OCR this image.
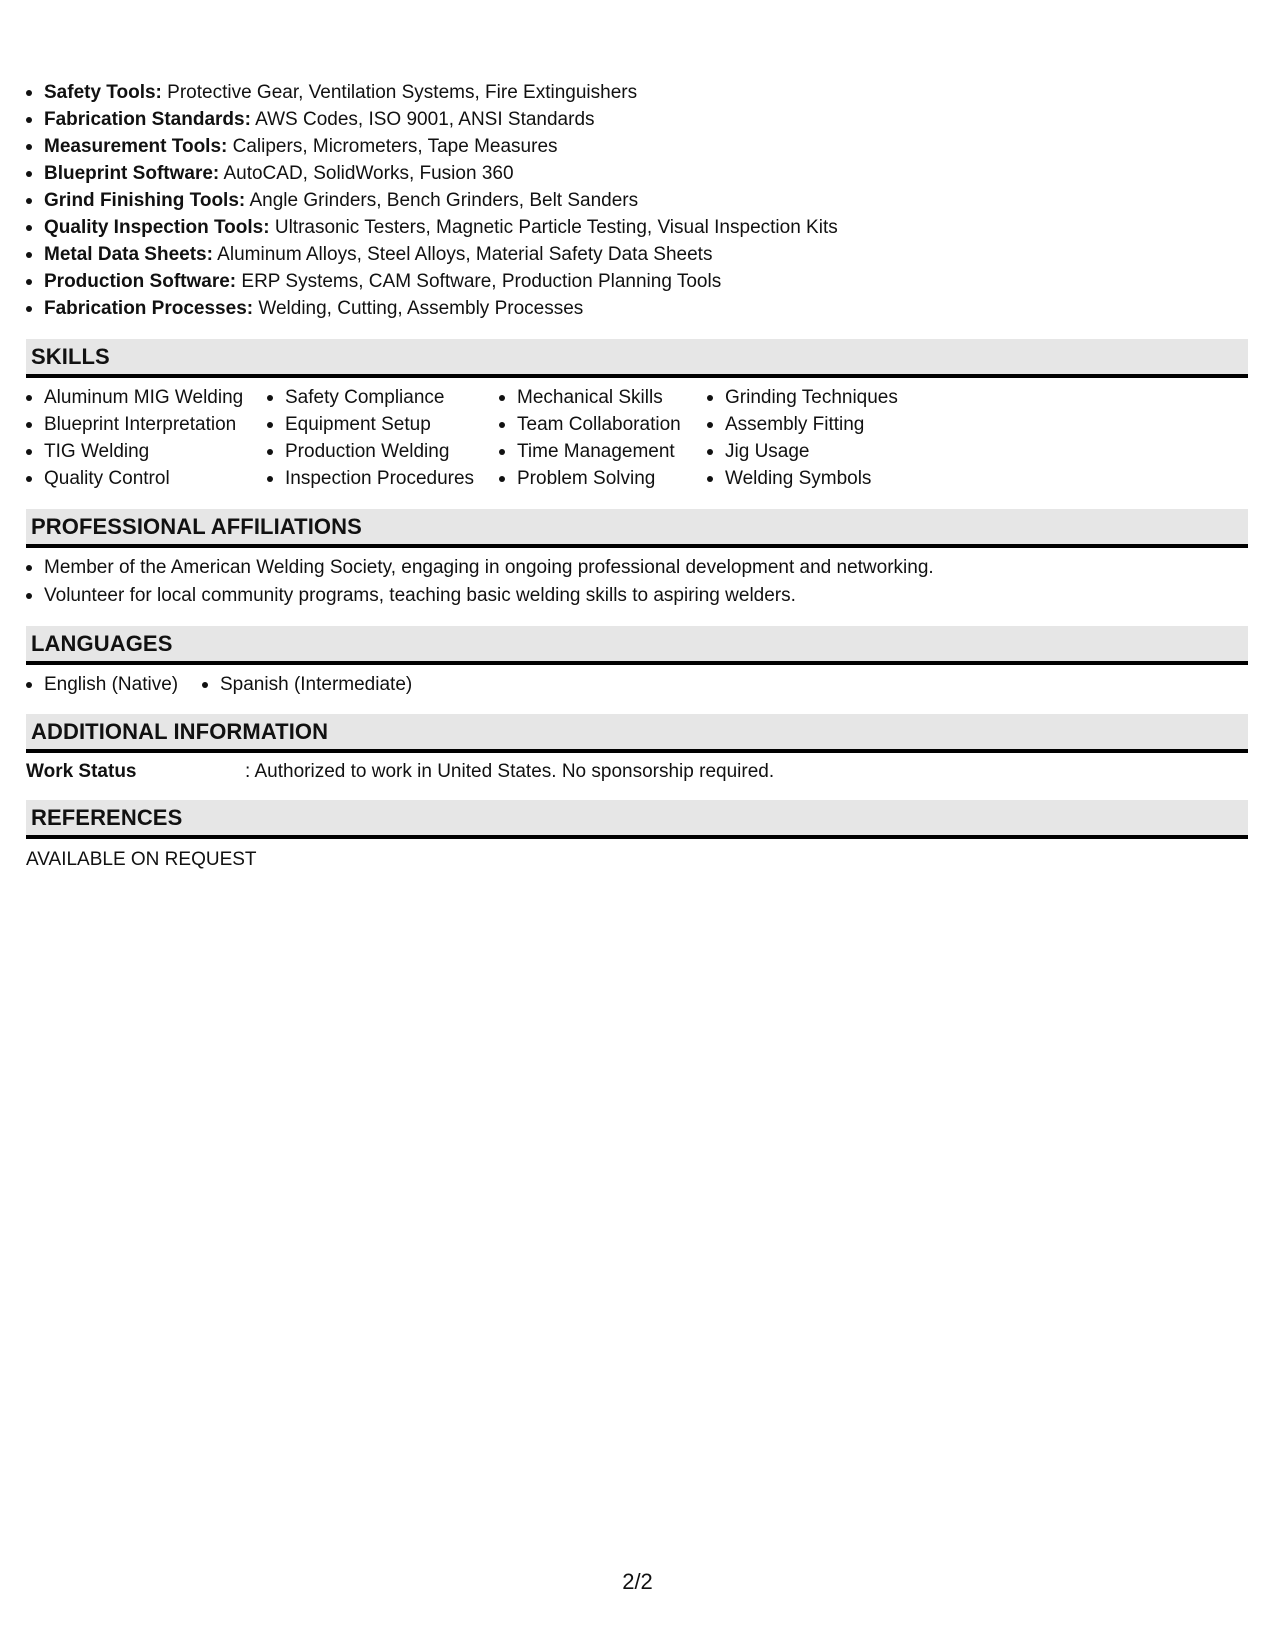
Safety Tools: Protective Gear, Ventilation Systems, Fire Extinguishers
Fabrication Standards: AWS Codes, ISO 9001, ANSI Standards
Measurement Tools: Calipers, Micrometers, Tape Measures
Blueprint Software: AutoCAD, SolidWorks, Fusion 360
Grind Finishing Tools: Angle Grinders, Bench Grinders, Belt Sanders
Quality Inspection Tools: Ultrasonic Testers, Magnetic Particle Testing, Visual Inspection Kits
Metal Data Sheets: Aluminum Alloys, Steel Alloys, Material Safety Data Sheets
Production Software: ERP Systems, CAM Software, Production Planning Tools
Fabrication Processes: Welding, Cutting, Assembly Processes
SKILLS
Aluminum MIG Welding
Blueprint Interpretation
TIG Welding
Quality Control
Safety Compliance
Equipment Setup
Production Welding
Inspection Procedures
Mechanical Skills
Team Collaboration
Time Management
Problem Solving
Grinding Techniques
Assembly Fitting
Jig Usage
Welding Symbols
PROFESSIONAL AFFILIATIONS
Member of the American Welding Society, engaging in ongoing professional development and networking.
Volunteer for local community programs, teaching basic welding skills to aspiring welders.
LANGUAGES
English (Native)	Spanish (Intermediate)
ADDITIONAL INFORMATION
Work Status	: Authorized to work in United States. No sponsorship required.
REFERENCES
AVAILABLE ON REQUEST
2/2
